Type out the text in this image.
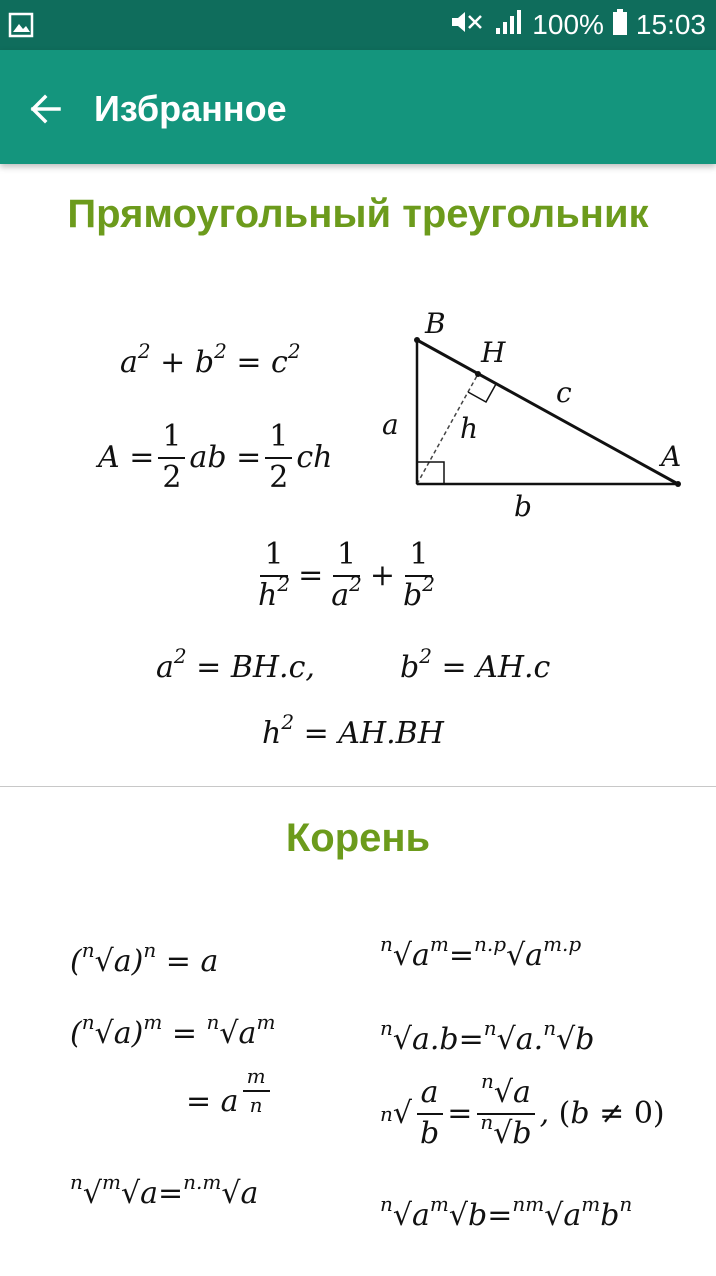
100% 15:03
Избранное
Прямоугольный треугольник
$a^2 + b^2 = c^2$
$A = \frac{1}{2}$ ab = $\frac{1}{2}$ ch
B
H
c
a h
A
b
$\frac{1}{h^2} = \frac{1}{a^2} + \frac{1}{b^2}$
$a^2 = BH.c$,	$b^2 = AH.c$
$h^2 = AH.BH$
Корень
$(^n√a)^n = a$	$^n√a^m=^{n.p}√a^{m.p}$
$(^n√a)^m = ^n√a^m$	$^n$√a.b=$^n$√a.$^n$√b
= a $\frac{m}{n}$	n √ $\frac{a}{b} = \frac{^n√a}{^n√b}$ , (b ≠ 0)
$^n$√$^m$√a=$^{n.m}$√a	$^n√a^m√b=^{nm}√a^mb^n$
